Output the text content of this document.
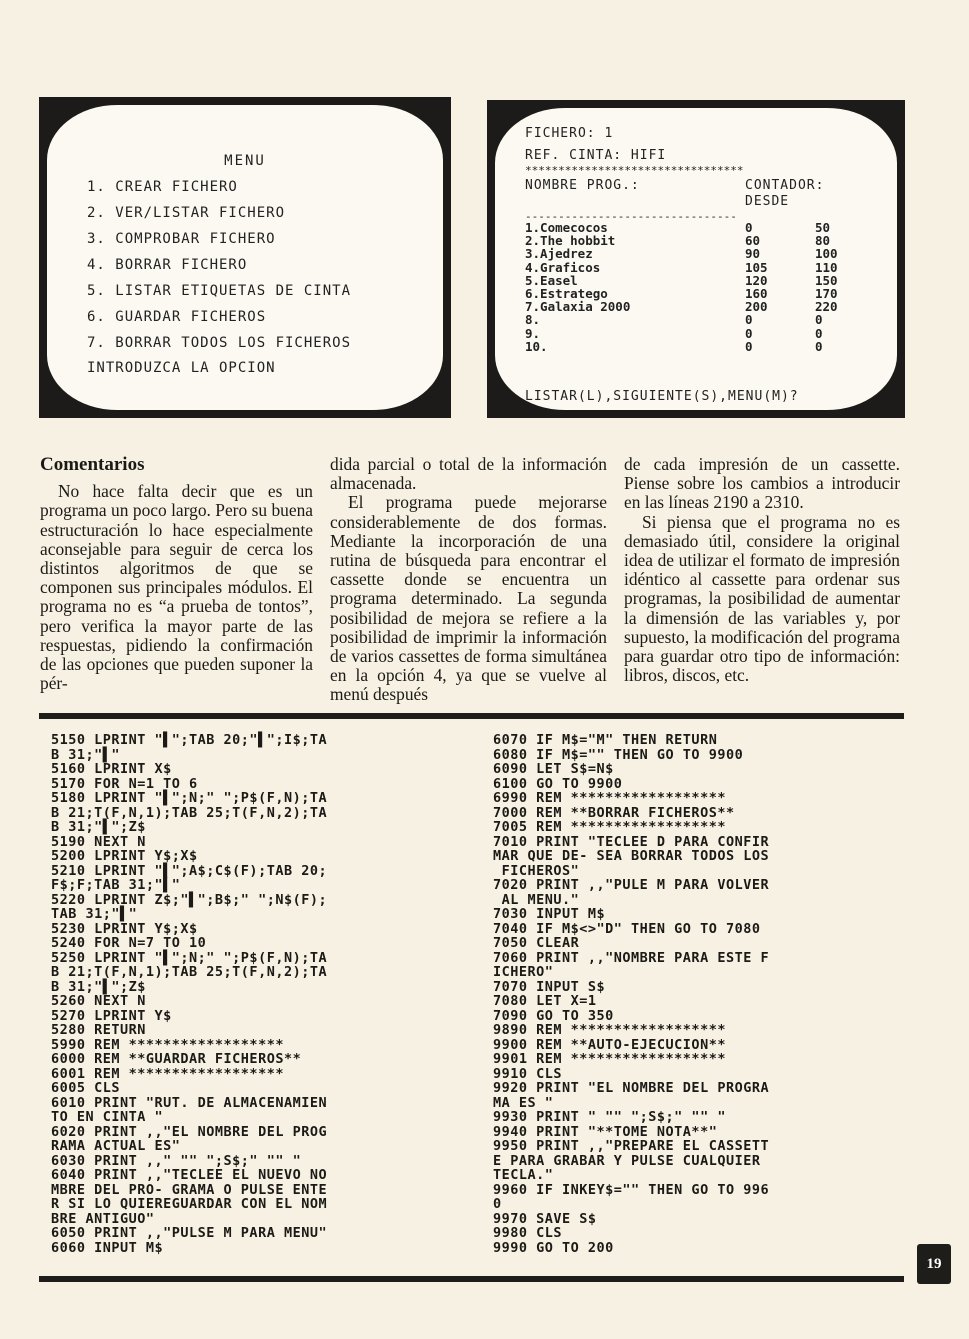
MENU
1. CREAR FICHERO
2. VER/LISTAR FICHERO
3. COMPROBAR FICHERO
4. BORRAR FICHERO
5. LISTAR ETIQUETAS DE CINTA
6. GUARDAR FICHEROS
7. BORRAR TODOS LOS FICHEROS
INTRODUZCA LA OPCION
FICHERO: 1
REF. CINTA: HIFI
*********************************
NOMBRE PROG.:	CONTADOR:
DESDE
--------------------------------
1.Comecocos	0	50
2.The hobbit	60	80
3.Ajedrez	90	100
4.Graficos	105	110
5.Easel	120	150
6.Estratego	160	170
7.Galaxia 2000	200	220
8.	0	0
9.	0	0
10.	0	0
LISTAR(L),SIGUIENTE(S),MENU(M)?
Comentarios

No hace falta decir que es un programa un poco largo. Pero su buena estructuración lo hace especialmente aconsejable para seguir de cerca los distintos algoritmos de que se componen sus principales módulos. El programa no es “a prueba de tontos”, pero verifica la mayor parte de las respuestas, pidiendo la confirmación de las opciones que pueden suponer la pér-

dida parcial o total de la información almacenada.

El programa puede mejorarse considerablemente de dos formas. Mediante la incorporación de una rutina de búsqueda para encontrar el cassette donde se encuentra un programa determinado. La segunda posibilidad de mejora se refiere a la posibilidad de imprimir la información de varios cassettes de forma simultánea en la opción 4, ya que se vuelve al menú después

de cada impresión de un cassette. Piense sobre los cambios a introducir en las líneas 2190 a 2310.

Si piensa que el programa no es demasiado útil, considere la original idea de utilizar el formato de impresión idéntico al cassette para ordenar sus programas, la posibilidad de aumentar la dimensión de las variables y, por supuesto, la modificación del programa para guardar otro tipo de información: libros, discos, etc.

5150 LPRINT "▌";TAB 20;"▌";I$;TA
B 31;"▌"
5160 LPRINT X$
5170 FOR N=1 TO 6
5180 LPRINT "▌";N;" ";P$(F,N);TA
B 21;T(F,N,1);TAB 25;T(F,N,2);TA
B 31;"▌";Z$
5190 NEXT N
5200 LPRINT Y$;X$
5210 LPRINT "▌";A$;C$(F);TAB 20;
F$;F;TAB 31;"▌"
5220 LPRINT Z$;"▌";B$;" ";N$(F);
TAB 31;"▌"
5230 LPRINT Y$;X$
5240 FOR N=7 TO 10
5250 LPRINT "▌";N;" ";P$(F,N);TA
B 21;T(F,N,1);TAB 25;T(F,N,2);TA
B 31;"▌";Z$
5260 NEXT N
5270 LPRINT Y$
5280 RETURN
5990 REM ******************
6000 REM **GUARDAR FICHEROS**
6001 REM ******************
6005 CLS
6010 PRINT "RUT. DE ALMACENAMIEN
TO EN CINTA "
6020 PRINT ,,"EL NOMBRE DEL PROG
RAMA ACTUAL ES"
6030 PRINT ,," "" ";S$;" "" "
6040 PRINT ,,"TECLEE EL NUEVO NO
MBRE DEL PRO- GRAMA O PULSE ENTE
R SI LO QUIEREGUARDAR CON EL NOM
BRE ANTIGUO"
6050 PRINT ,,"PULSE M PARA MENU"
6060 INPUT M$
6070 IF M$="M" THEN RETURN
6080 IF M$="" THEN GO TO 9900
6090 LET S$=N$
6100 GO TO 9900
6990 REM ******************
7000 REM **BORRAR FICHEROS**
7005 REM ******************
7010 PRINT "TECLEE D PARA CONFIR
MAR QUE DE- SEA BORRAR TODOS LOS
FICHEROS"
7020 PRINT ,,"PULE M PARA VOLVER
AL MENU."
7030 INPUT M$
7040 IF M$<>"D" THEN GO TO 7080
7050 CLEAR
7060 PRINT ,,"NOMBRE PARA ESTE F
ICHERO"
7070 INPUT S$
7080 LET X=1
7090 GO TO 350
9890 REM ******************
9900 REM **AUTO-EJECUCION**
9901 REM ******************
9910 CLS
9920 PRINT "EL NOMBRE DEL PROGRA
MA ES "
9930 PRINT " "" ";S$;" "" "
9940 PRINT "**TOME NOTA**"
9950 PRINT ,,"PREPARE EL CASSETT
E PARA GRABAR Y PULSE CUALQUIER
TECLA."
9960 IF INKEY$="" THEN GO TO 996
0
9970 SAVE S$
9980 CLS
9990 GO TO 200
19
